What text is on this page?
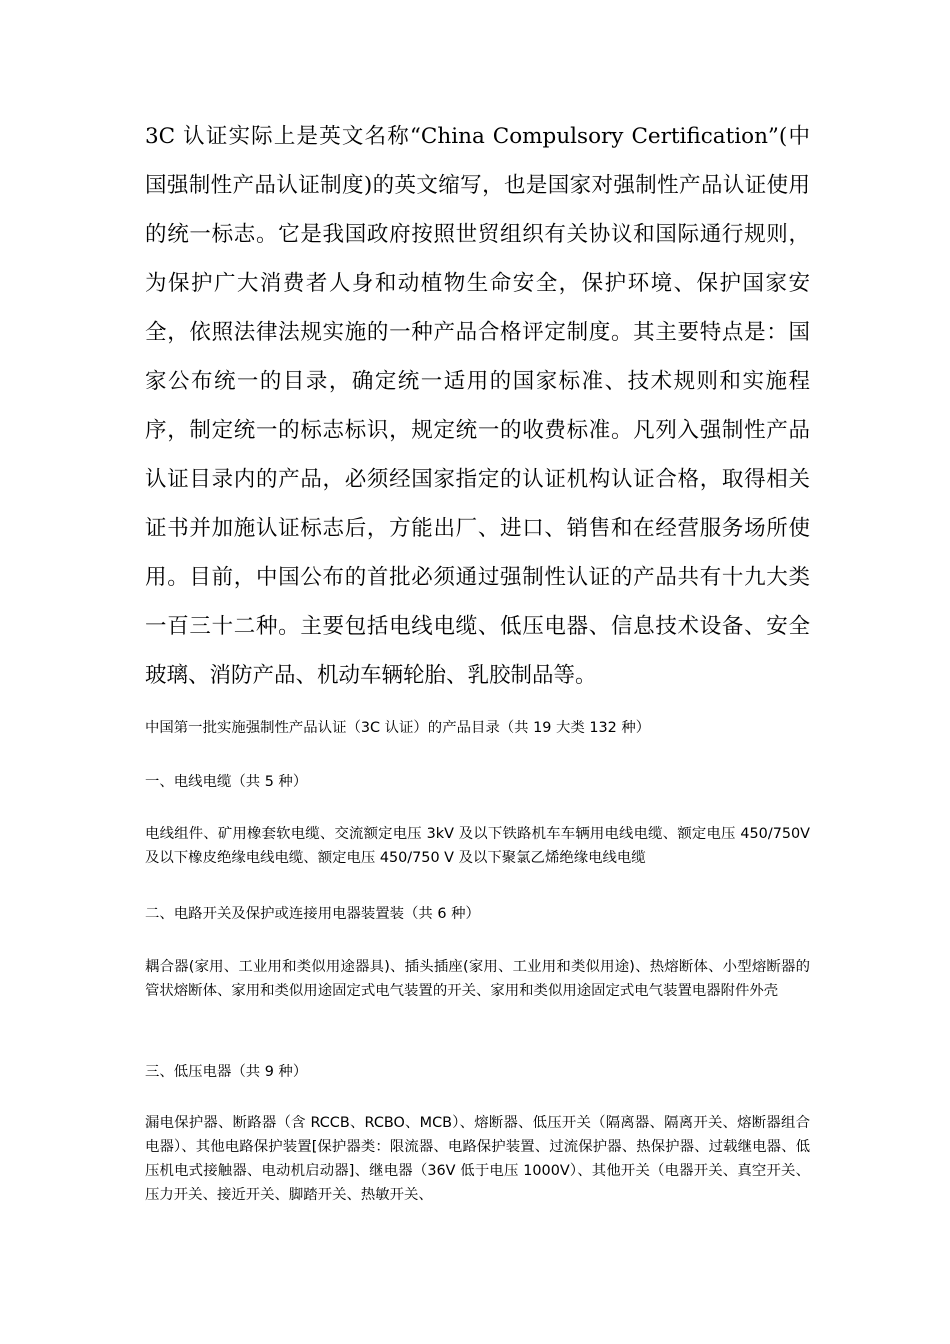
3C 认证实际上是英文名称“China Compulsory Certification”(中国强制性产品认证制度)的英文缩写，也是国家对强制性产品认证使用的统一标志。它是我国政府按照世贸组织有关协议和国际通行规则，为保护广大消费者人身和动植物生命安全，保护环境、保护国家安全，依照法律法规实施的一种产品合格评定制度。其主要特点是：国家公布统一的目录，确定统一适用的国家标准、技术规则和实施程序，制定统一的标志标识，规定统一的收费标准。凡列入强制性产品认证目录内的产品，必须经国家指定的认证机构认证合格，取得相关证书并加施认证标志后，方能出厂、进口、销售和在经营服务场所使用。目前，中国公布的首批必须通过强制性认证的产品共有十九大类一百三十二种。主要包括电线电缆、低压电器、信息技术设备、安全玻璃、消防产品、机动车辆轮胎、乳胶制品等。

中国第一批实施强制性产品认证（3C 认证）的产品目录（共 19 大类 132 种）

一、电线电缆（共 5 种）

电线组件、矿用橡套软电缆、交流额定电压 3kV 及以下铁路机车车辆用电线电缆、额定电压 450/750V 及以下橡皮绝缘电线电缆、额定电压 450/750 V 及以下聚氯乙烯绝缘电线电缆

二、电路开关及保护或连接用电器装置装（共 6 种）

耦合器(家用、工业用和类似用途器具)、插头插座(家用、工业用和类似用途)、热熔断体、小型熔断器的管状熔断体、家用和类似用途固定式电气装置的开关、家用和类似用途固定式电气装置电器附件外壳

三、低压电器（共 9 种）

漏电保护器、断路器（含 RCCB、RCBO、MCB）、熔断器、低压开关（隔离器、隔离开关、熔断器组合电器）、其他电路保护装置[保护器类：限流器、电路保护装置、过流保护器、热保护器、过载继电器、低压机电式接触器、电动机启动器]、继电器（36V 低于电压 1000V）、其他开关（电器开关、真空开关、压力开关、接近开关、脚踏开关、热敏开关、
